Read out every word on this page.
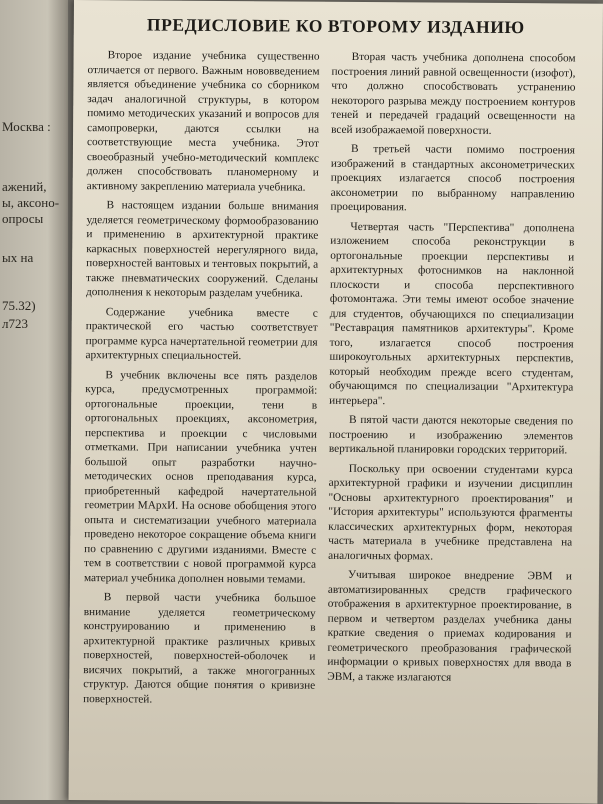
Москва :
ажений,
ы, аксоно-
опросы
ых на
75.32)
л723
ПРЕДИСЛОВИЕ КО ВТОРОМУ ИЗДАНИЮ

Второе издание учебника существенно отличается от первого. Важным нововведением является объединение учебника со сборником задач аналогичной структуры, в котором помимо методических указаний и вопросов для самопроверки, даются ссылки на соответствующие места учебника. Этот своеобразный учебно-методический комплекс должен способствовать планомерному и активному закреплению материала учебника.

В настоящем издании больше внимания уделяется геометрическому формообразованию и применению в архитектурной практике каркасных поверхностей нерегулярного вида, поверхностей вантовых и тентовых покрытий, а также пневматических сооружений. Сделаны дополнения к некоторым разделам учебника.

Содержание учебника вместе с практической его частью соответствует программе курса начертательной геометрии для архитектурных специальностей.

В учебник включены все пять разделов курса, предусмотренных программой: ортогональные проекции, тени в ортогональных проекциях, аксонометрия, перспектива и проекции с числовыми отметками. При написании учебника учтен большой опыт разработки научно-методических основ преподавания курса, приобретенный кафедрой начертательной геометрии МАрхИ. На основе обобщения этого опыта и систематизации учебного материала проведено некоторое сокращение объема книги по сравнению с другими изданиями. Вместе с тем в соответствии с новой программой курса материал учебника дополнен новыми темами.

В первой части учебника большое внимание уделяется геометрическому конструированию и применению в архитектурной практике различных кривых поверхностей, поверхностей-оболочек и висячих покрытий, а также многогранных структур. Даются общие понятия о кривизне поверхностей.

Вторая часть учебника дополнена способом построения линий равной освещенности (изофот), что должно способствовать устранению некоторого разрыва между построением контуров теней и передачей градаций освещенности на всей изображаемой поверхности.

В третьей части помимо построения изображений в стандартных аксонометрических проекциях излагается способ построения аксонометрии по выбранному направлению проецирования.

Четвертая часть "Перспектива" дополнена изложением способа реконструкции в ортогональные проекции перспективы и архитектурных фотоснимков на наклонной плоскости и способа перспективного фотомонтажа. Эти темы имеют особое значение для студентов, обучающихся по специализации "Реставрация памятников архитектуры". Кроме того, излагается способ построения широкоугольных архитектурных перспектив, который необходим прежде всего студентам, обучающимся по специализации "Архитектура интерьера".

В пятой части даются некоторые сведения по построению и изображению элементов вертикальной планировки городских территорий.

Поскольку при освоении студентами курса архитектурной графики и изучении дисциплин "Основы архитектурного проектирования" и "История архитектуры" используются фрагменты классических архитектурных форм, некоторая часть материала в учебнике представлена на аналогичных формах.

Учитывая широкое внедрение ЭВМ и автоматизированных средств графического отображения в архитектурное проектирование, в первом и четвертом разделах учебника даны краткие сведения о приемах кодирования и геометрического преобразования графической информации о кривых поверхностях для ввода в ЭВМ, а также излагаются
